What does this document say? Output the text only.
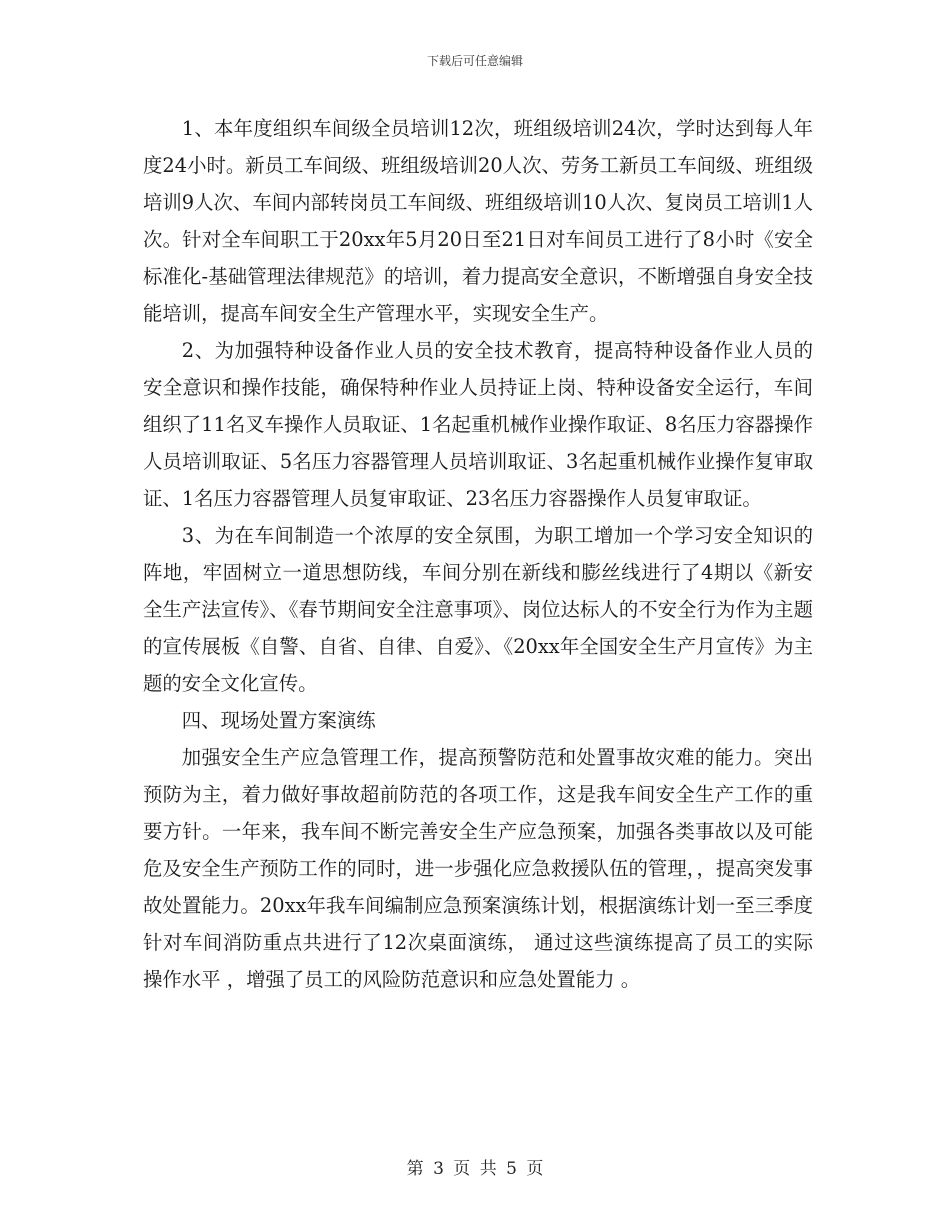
下载后可任意编辑

1、本年度组织车间级全员培训12次，班组级培训24次，学时达到每人年度24小时。新员工车间级、班组级培训20人次、劳务工新员工车间级、班组级培训9人次、车间内部转岗员工车间级、班组级培训10人次、复岗员工培训1人次。针对全车间职工于20xx年5月20日至21日对车间员工进行了8小时《安全标准化-基础管理法律规范》的培训，着力提高安全意识，不断增强自身安全技能培训，提高车间安全生产管理水平，实现安全生产。

2、为加强特种设备作业人员的安全技术教育，提高特种设备作业人员的安全意识和操作技能，确保特种作业人员持证上岗、特种设备安全运行，车间组织了11名叉车操作人员取证、1名起重机械作业操作取证、8名压力容器操作人员培训取证、5名压力容器管理人员培训取证、3名起重机械作业操作复审取证、1名压力容器管理人员复审取证、23名压力容器操作人员复审取证。

3、为在车间制造一个浓厚的安全氛围，为职工增加一个学习安全知识的阵地，牢固树立一道思想防线，车间分别在新线和膨丝线进行了4期以《新安全生产法宣传》、《春节期间安全注意事项》、岗位达标人的不安全行为作为主题的宣传展板《自警、自省、自律、自爱》、《20xx年全国安全生产月宣传》为主题的安全文化宣传。

四、现场处置方案演练

加强安全生产应急管理工作，提高预警防范和处置事故灾难的能力。突出预防为主，着力做好事故超前防范的各项工作，这是我车间安全生产工作的重要方针。一年来，我车间不断完善安全生产应急预案，加强各类事故以及可能危及安全生产预防工作的同时，进一步强化应急救援队伍的管理，，提高突发事故处置能力。20xx年我车间编制应急预案演练计划，根据演练计划一至三季度针对车间消防重点共进行了12次桌面演练， 通过这些演练提高了员工的实际操作水平 ，增强了员工的风险防范意识和应急处置能力 。

第 3 页 共 5 页
